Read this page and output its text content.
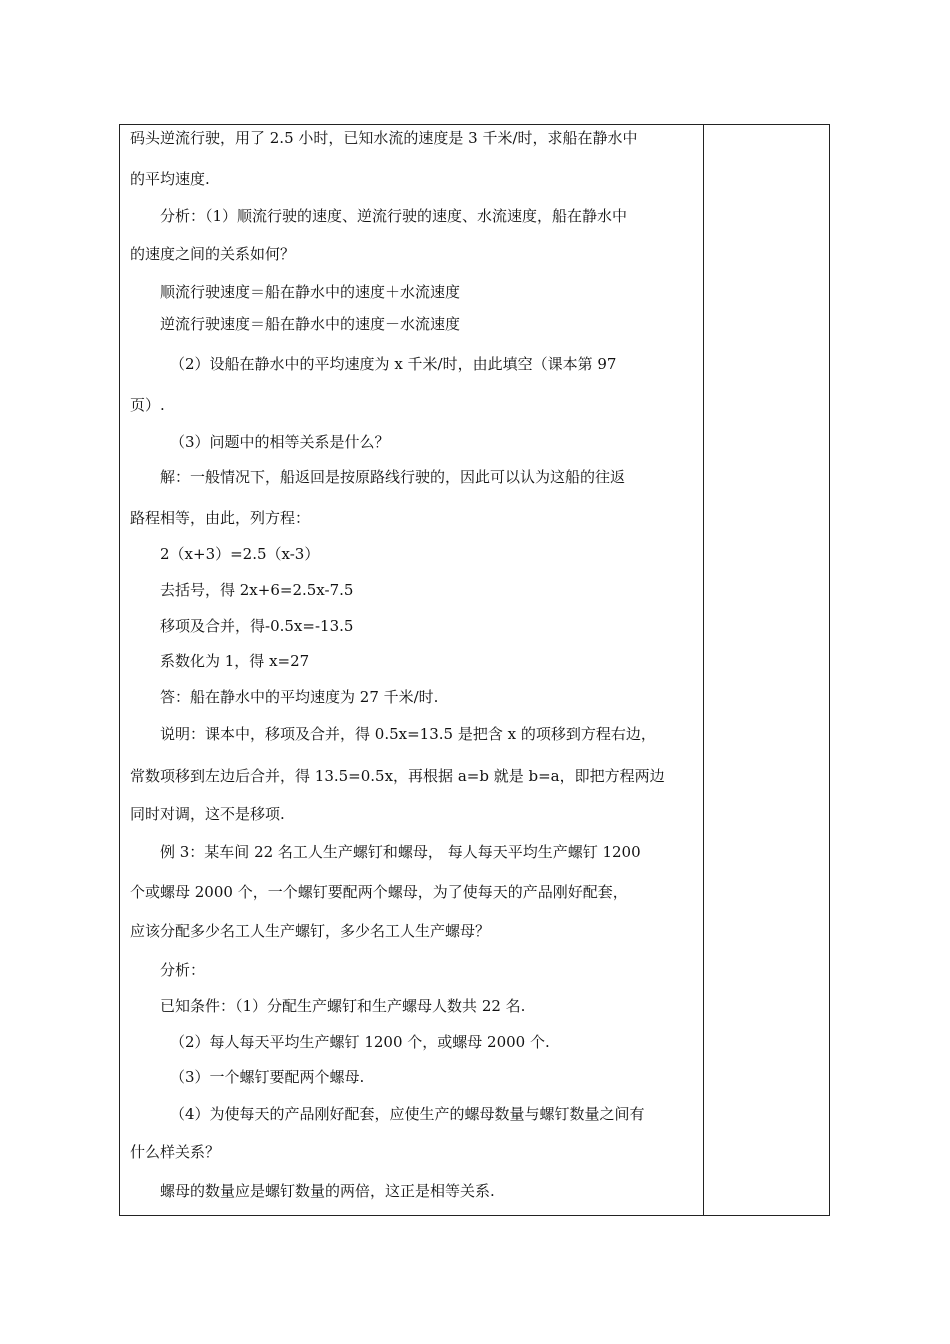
码头逆流行驶，用了 2.5 小时，已知水流的速度是 3 千米/时，求船在静水中
的平均速度.
分析：（1）顺流行驶的速度、逆流行驶的速度、水流速度，船在静水中
的速度之间的关系如何？
顺流行驶速度＝船在静水中的速度＋水流速度
逆流行驶速度＝船在静水中的速度－水流速度
（2）设船在静水中的平均速度为 x 千米/时，由此填空（课本第 97
页）.
（3）问题中的相等关系是什么？
解：一般情况下，船返回是按原路线行驶的，因此可以认为这船的往返
路程相等，由此，列方程：
2（x+3）=2.5（x-3）
去括号，得 2x+6=2.5x-7.5
移项及合并，得-0.5x=-13.5
系数化为 1，得 x=27
答：船在静水中的平均速度为 27 千米/时.
说明：课本中，移项及合并，得 0.5x=13.5 是把含 x 的项移到方程右边，
常数项移到左边后合并，得 13.5=0.5x，再根据 a=b 就是 b=a，即把方程两边
同时对调，这不是移项.
例 3：某车间 22 名工人生产螺钉和螺母， 每人每天平均生产螺钉 1200
个或螺母 2000 个，一个螺钉要配两个螺母，为了使每天的产品刚好配套，
应该分配多少名工人生产螺钉，多少名工人生产螺母？
分析：
已知条件：（1）分配生产螺钉和生产螺母人数共 22 名.
（2）每人每天平均生产螺钉 1200 个，或螺母 2000 个.
（3）一个螺钉要配两个螺母.
（4）为使每天的产品刚好配套，应使生产的螺母数量与螺钉数量之间有
什么样关系？
螺母的数量应是螺钉数量的两倍，这正是相等关系.
